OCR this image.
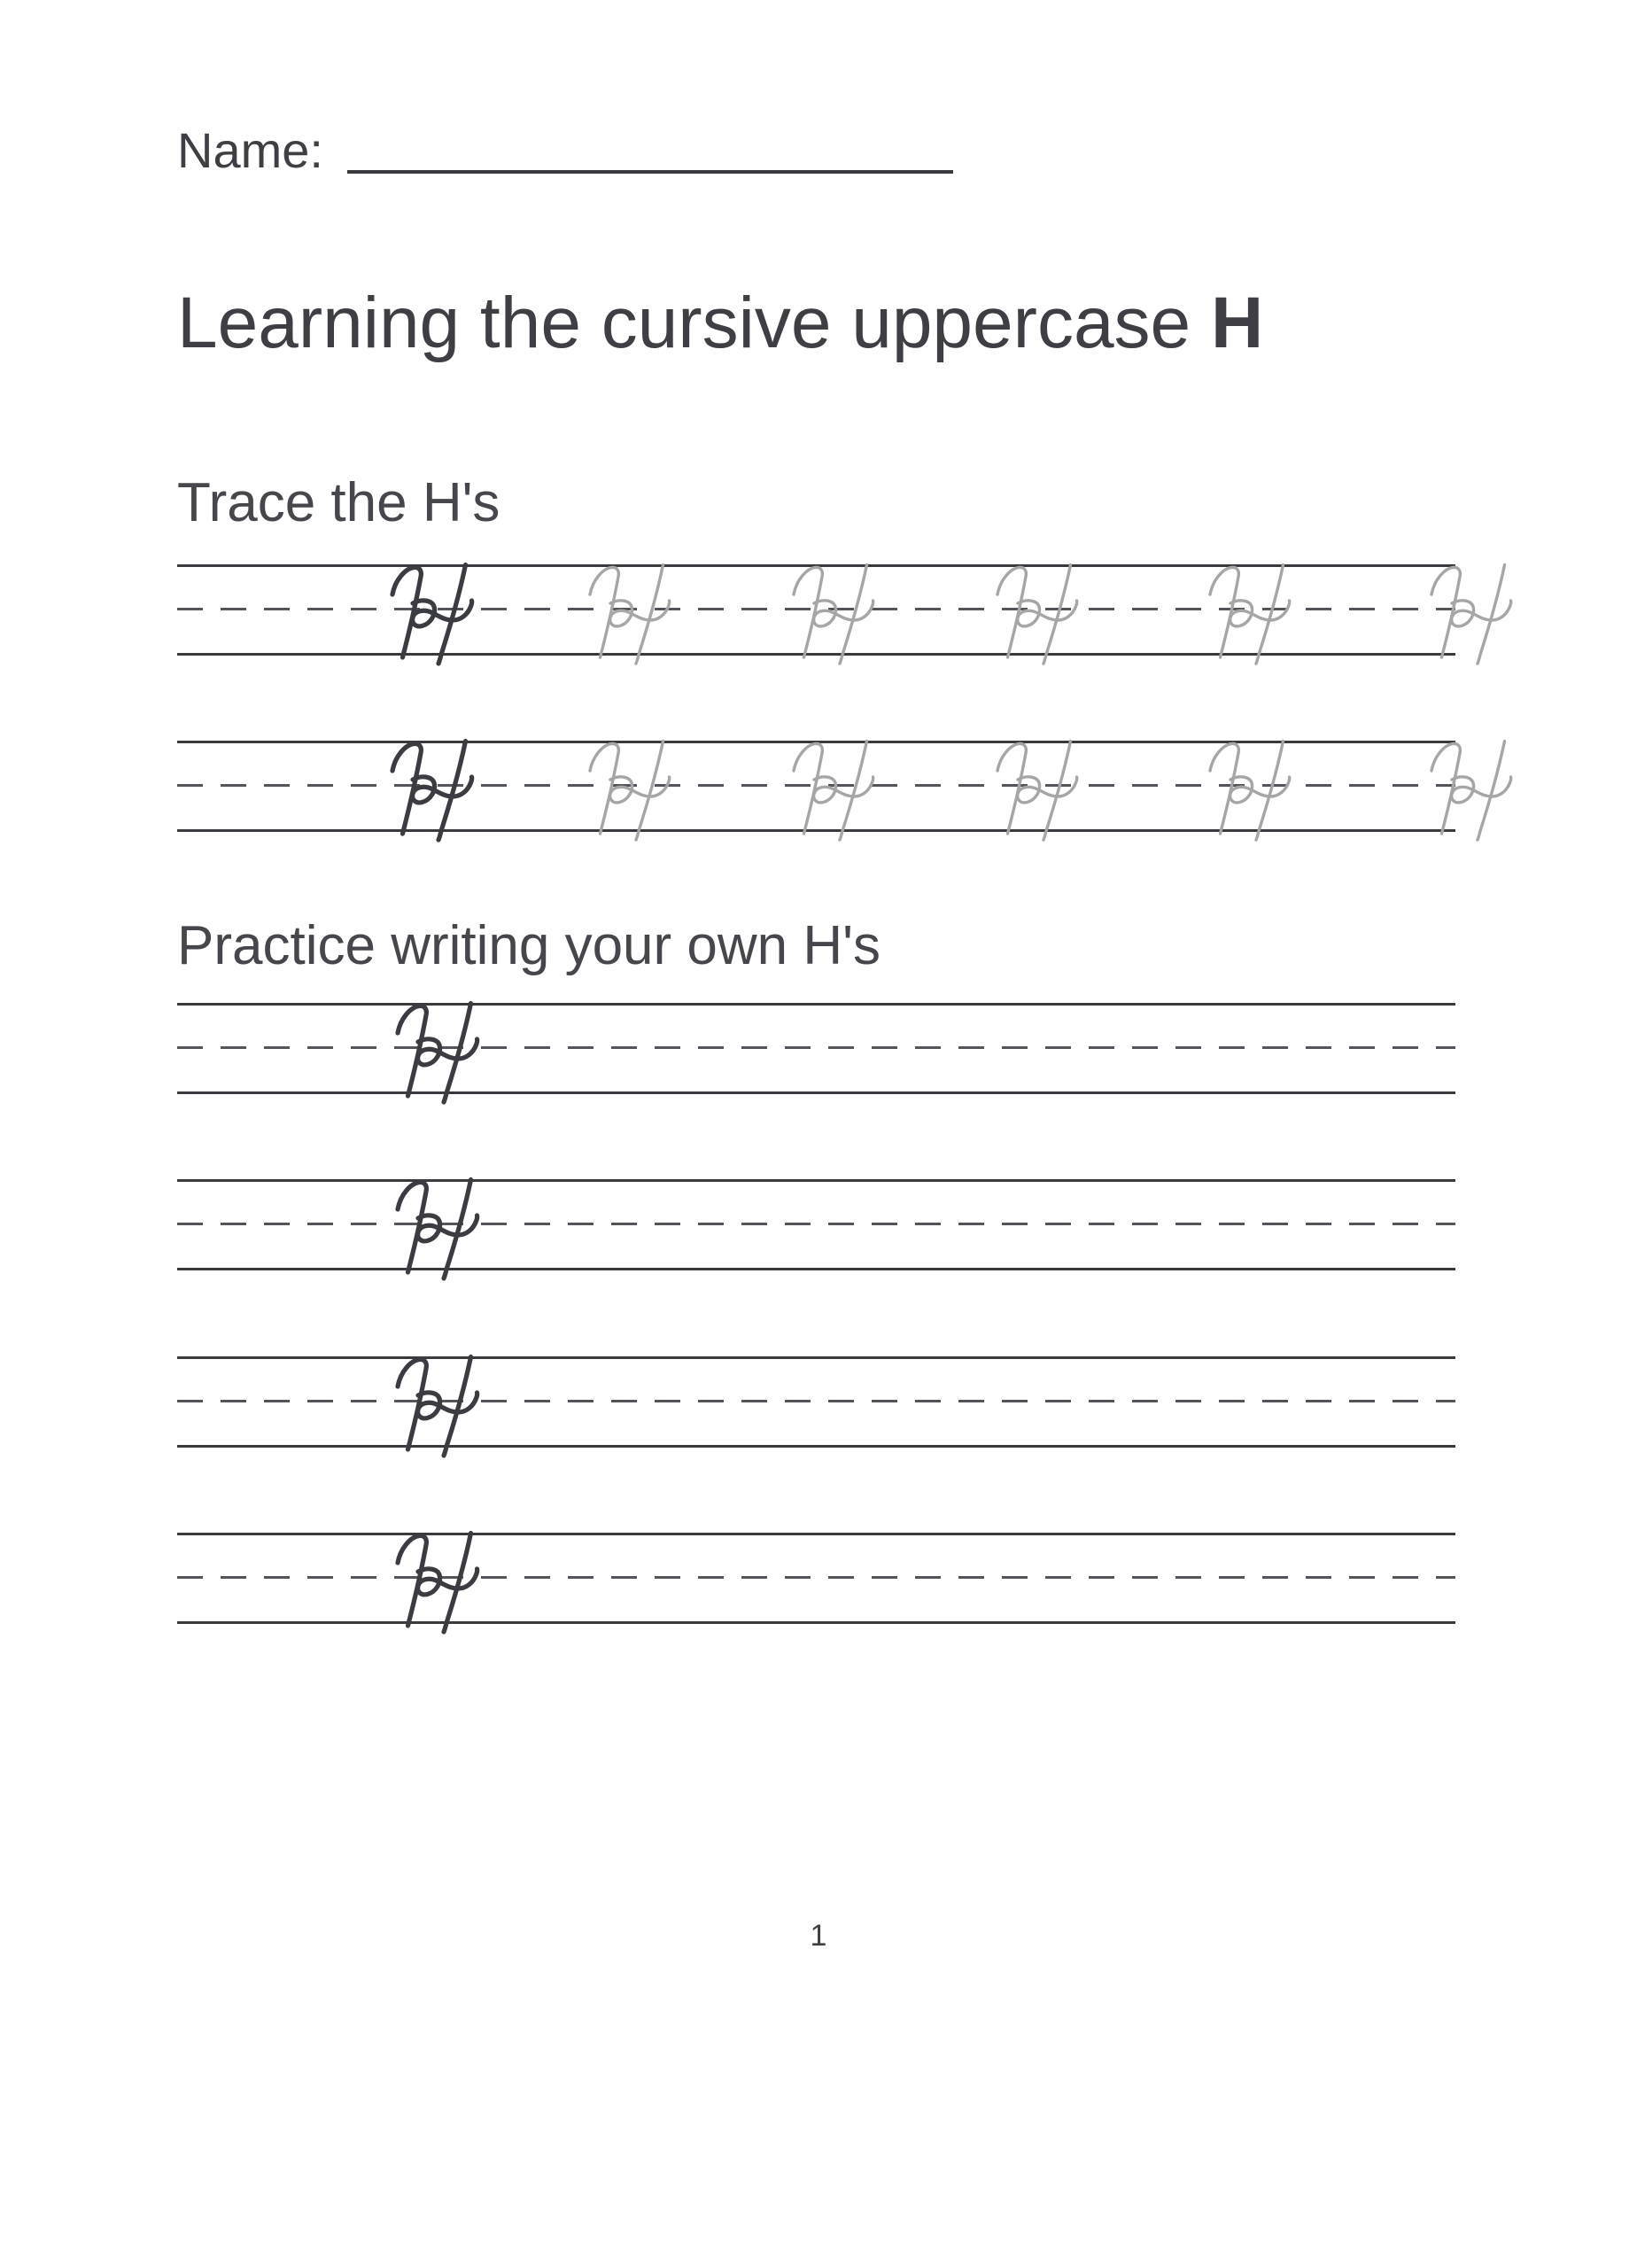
Name:
Learning the cursive uppercase H
Trace the H's
Practice writing your own H's
1
